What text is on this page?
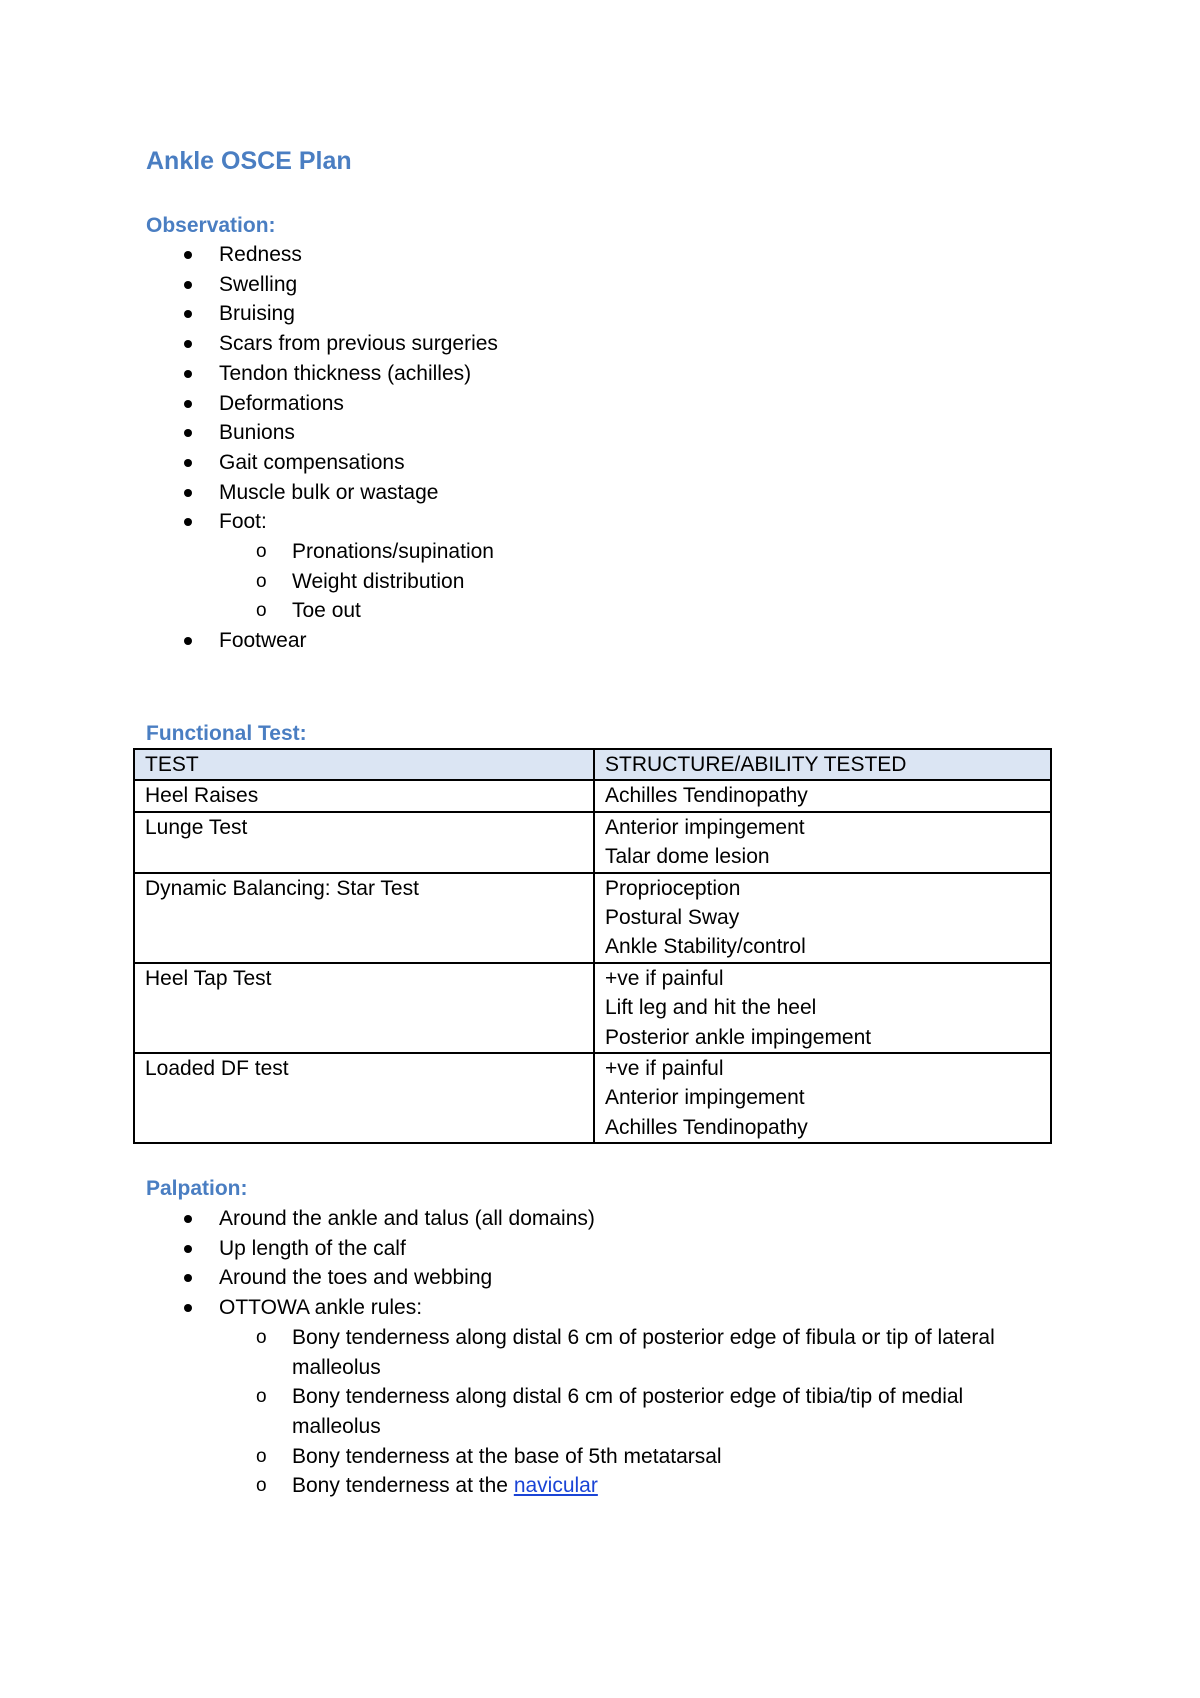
Ankle OSCE Plan
Observation:
Redness
Swelling
Bruising
Scars from previous surgeries
Tendon thickness (achilles)
Deformations
Bunions
Gait compensations
Muscle bulk or wastage
Foot:
o Pronations/supination
o Weight distribution
o Toe out
Footwear
Functional Test:
TEST	STRUCTURE/ABILITY TESTED
Heel Raises	Achilles Tendinopathy

Lunge Test	Anterior impingement
Talar dome lesion

Dynamic Balancing: Star Test	Proprioception
Postural Sway
Ankle Stability/control

Heel Tap Test	+ve if painful
Lift leg and hit the heel
Posterior ankle impingement

Loaded DF test	+ve if painful
Anterior impingement
Achilles Tendinopathy
Palpation:
Around the ankle and talus (all domains)
Up length of the calf
Around the toes and webbing
OTTOWA ankle rules:
o Bony tenderness along distal 6 cm of posterior edge of fibula or tip of lateral malleolus
o Bony tenderness along distal 6 cm of posterior edge of tibia/tip of medial malleolus
o Bony tenderness at the base of 5th metatarsal
o Bony tenderness at the navicular
